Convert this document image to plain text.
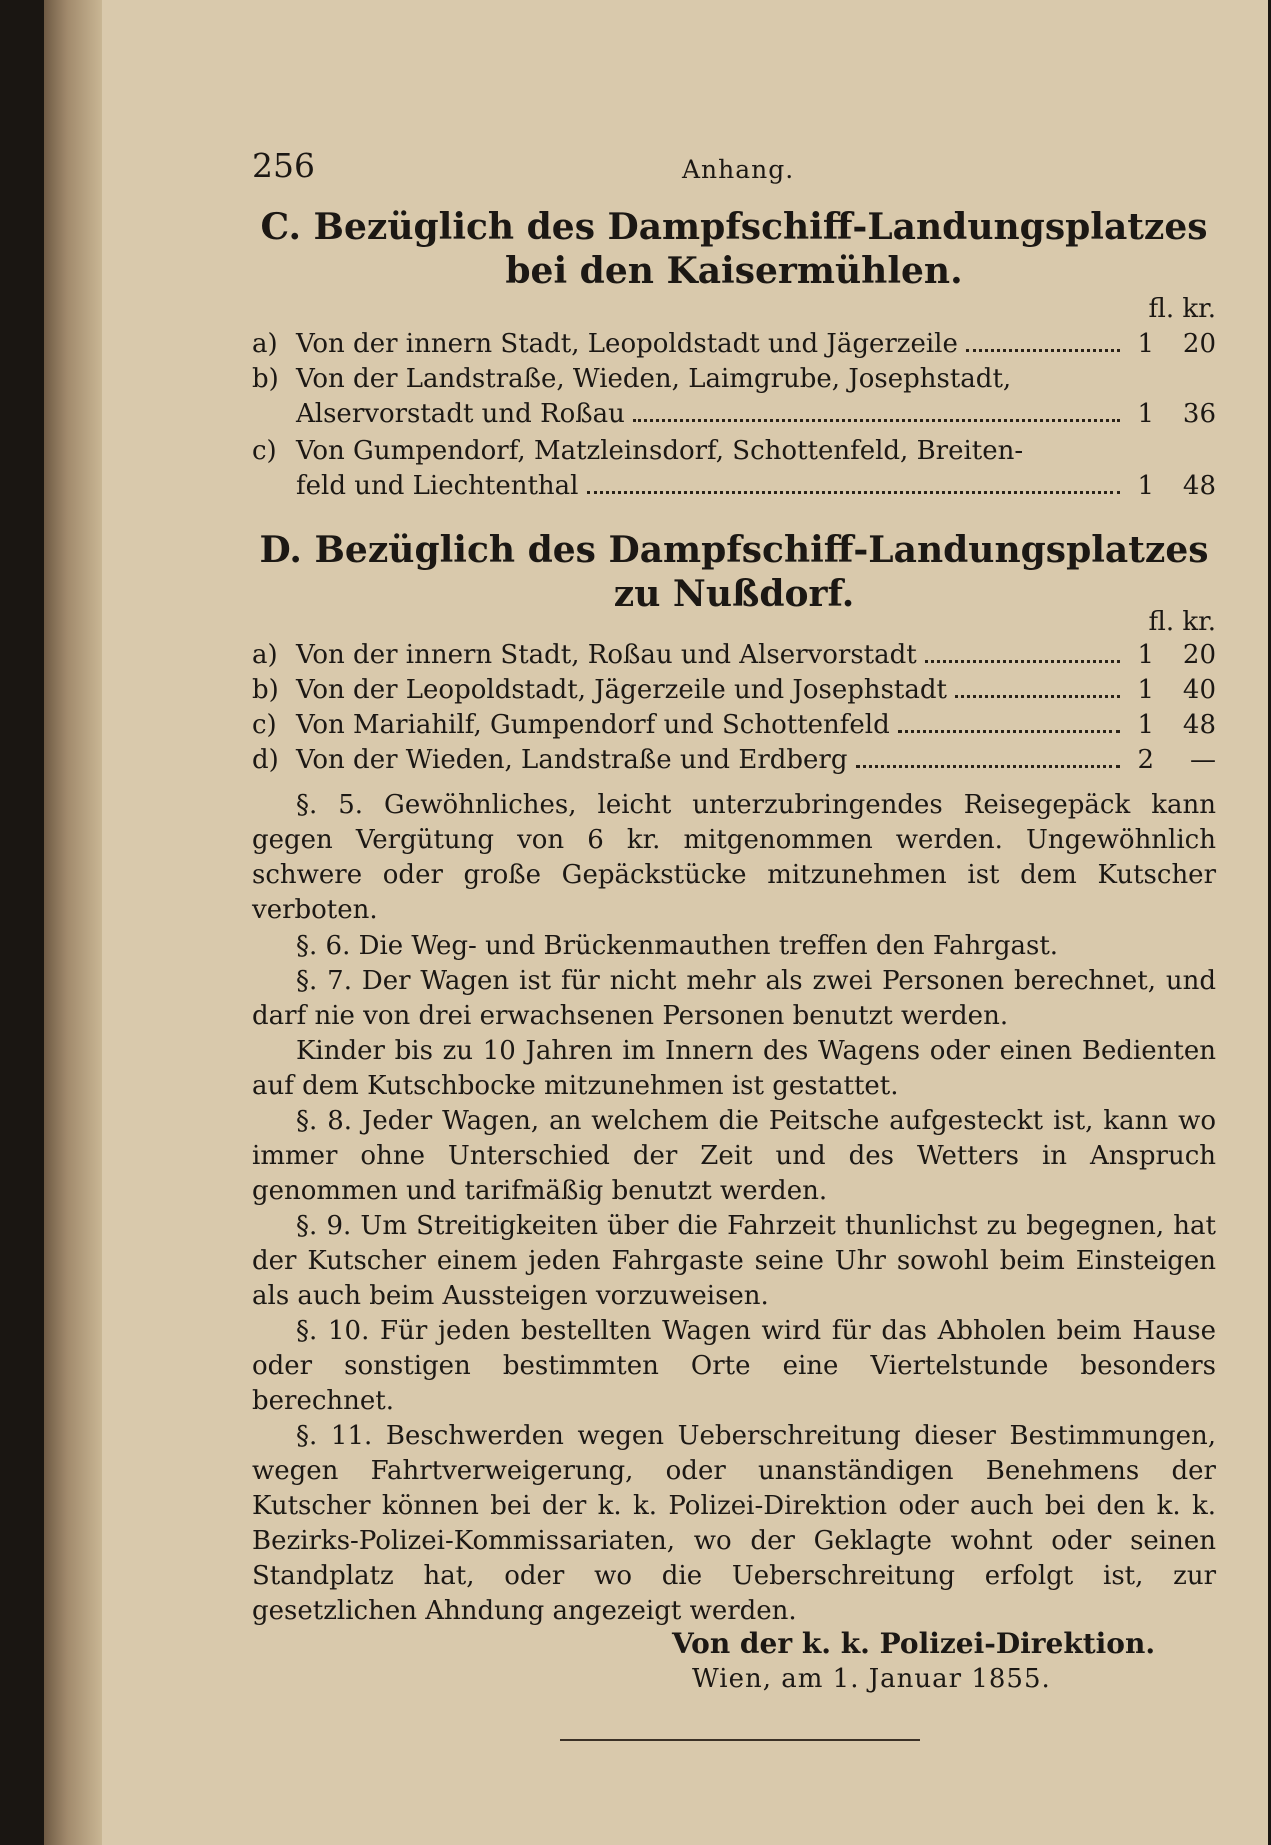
256	Anhang.
C. Bezüglich des Dampfschiff-Landungsplatzes bei den Kaisermühlen.
fl. kr.
a) Von der innern Stadt, Leopoldstadt und Jägerzeile	1	20
b) Von der Landstraße, Wieden, Laimgrube, Josephstadt,
Alservorstadt und Roßau	1	36
c) Von Gumpendorf, Matzleinsdorf, Schottenfeld, Breiten-
feld und Liechtenthal	1	48
D. Bezüglich des Dampfschiff-Landungsplatzes zu Nußdorf.
fl. kr.
a) Von der innern Stadt, Roßau und Alservorstadt	1	20
b) Von der Leopoldstadt, Jägerzeile und Josephstadt	1	40
c) Von Mariahilf, Gumpendorf und Schottenfeld	1	48
d) Von der Wieden, Landstraße und Erdberg	2	—

§. 5. Gewöhnliches, leicht unterzubringendes Reisegepäck kann gegen Vergütung von 6 kr. mitgenommen werden. Ungewöhnlich schwere oder große Gepäckstücke mitzunehmen ist dem Kutscher verboten.

§. 6. Die Weg- und Brückenmauthen treffen den Fahrgast.

§. 7. Der Wagen ist für nicht mehr als zwei Personen berechnet, und darf nie von drei erwachsenen Personen benutzt werden.

Kinder bis zu 10 Jahren im Innern des Wagens oder einen Bedienten auf dem Kutschbocke mitzunehmen ist gestattet.

§. 8. Jeder Wagen, an welchem die Peitsche aufgesteckt ist, kann wo immer ohne Unterschied der Zeit und des Wetters in Anspruch genommen und tarifmäßig benutzt werden.

§. 9. Um Streitigkeiten über die Fahrzeit thunlichst zu begegnen, hat der Kutscher einem jeden Fahrgaste seine Uhr sowohl beim Einsteigen als auch beim Aussteigen vorzuweisen.

§. 10. Für jeden bestellten Wagen wird für das Abholen beim Hause oder sonstigen bestimmten Orte eine Viertelstunde besonders berechnet.

§. 11. Beschwerden wegen Ueberschreitung dieser Bestimmungen, wegen Fahrtverweigerung, oder unanständigen Benehmens der Kutscher können bei der k. k. Polizei-Direktion oder auch bei den k. k. Bezirks-Polizei-Kommissariaten, wo der Geklagte wohnt oder seinen Standplatz hat, oder wo die Ueberschreitung erfolgt ist, zur gesetzlichen Ahndung angezeigt werden.

Von der k. k. Polizei-Direktion.
Wien, am 1. Januar 1855.
